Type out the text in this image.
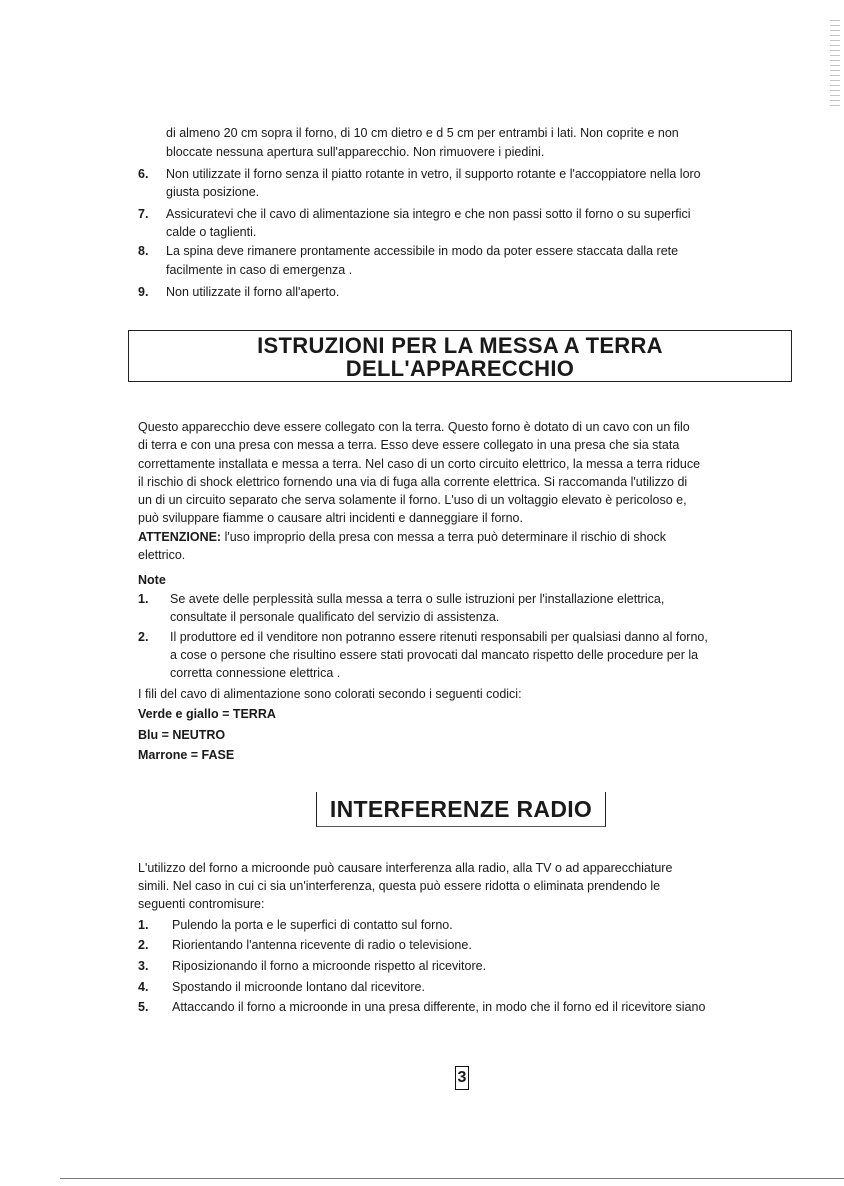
di almeno 20 cm sopra il forno, di 10 cm dietro e d 5 cm per entrambi i lati. Non coprite e non
bloccate nessuna apertura sull'apparecchio. Non rimuovere i piedini.
6. Non utilizzate il forno senza il piatto rotante in vetro, il supporto rotante e l'accoppiatore nella loro
giusta posizione.
7. Assicuratevi che il cavo di alimentazione sia integro e che non passi sotto il forno o su superfici
calde o taglienti.
8. La spina deve rimanere prontamente accessibile in modo da poter essere staccata dalla rete
facilmente in caso di emergenza .
9. Non utilizzate il forno all'aperto.
ISTRUZIONI PER LA MESSA A TERRA
DELL'APPARECCHIO
Questo apparecchio deve essere collegato con la terra. Questo forno è dotato di un cavo con un filo
di terra e con una presa con messa a terra. Esso deve essere collegato in una presa che sia stata
correttamente installata e messa a terra. Nel caso di un corto circuito elettrico, la messa a terra riduce
il rischio di shock elettrico fornendo una via di fuga alla corrente elettrica. Si raccomanda l'utilizzo di
un di un circuito separato che serva solamente il forno. L'uso di un voltaggio elevato è pericoloso e,
può sviluppare fiamme o causare altri incidenti e danneggiare il forno.
ATTENZIONE: l'uso improprio della presa con messa a terra può determinare il rischio di shock
elettrico.
Note
1. Se avete delle perplessità sulla messa a terra o sulle istruzioni per l'installazione elettrica,
consultate il personale qualificato del servizio di assistenza.
2. Il produttore ed il venditore non potranno essere ritenuti responsabili per qualsiasi danno al forno,
a cose o persone che risultino essere stati provocati dal mancato rispetto delle procedure per la
corretta connessione elettrica .
I fili del cavo di alimentazione sono colorati secondo i seguenti codici:
Verde e giallo = TERRA
Blu = NEUTRO
Marrone = FASE
INTERFERENZE RADIO
L'utilizzo del forno a microonde può causare interferenza alla radio, alla TV o ad apparecchiature
simili. Nel caso in cui ci sia un'interferenza, questa può essere ridotta o eliminata prendendo le
seguenti contromisure:
1. Pulendo la porta e le superfici di contatto sul forno.
2. Riorientando l'antenna ricevente di radio o televisione.
3. Riposizionando il forno a microonde rispetto al ricevitore.
4. Spostando il microonde lontano dal ricevitore.
5. Attaccando il forno a microonde in una presa differente, in modo che il forno ed il ricevitore siano
3
